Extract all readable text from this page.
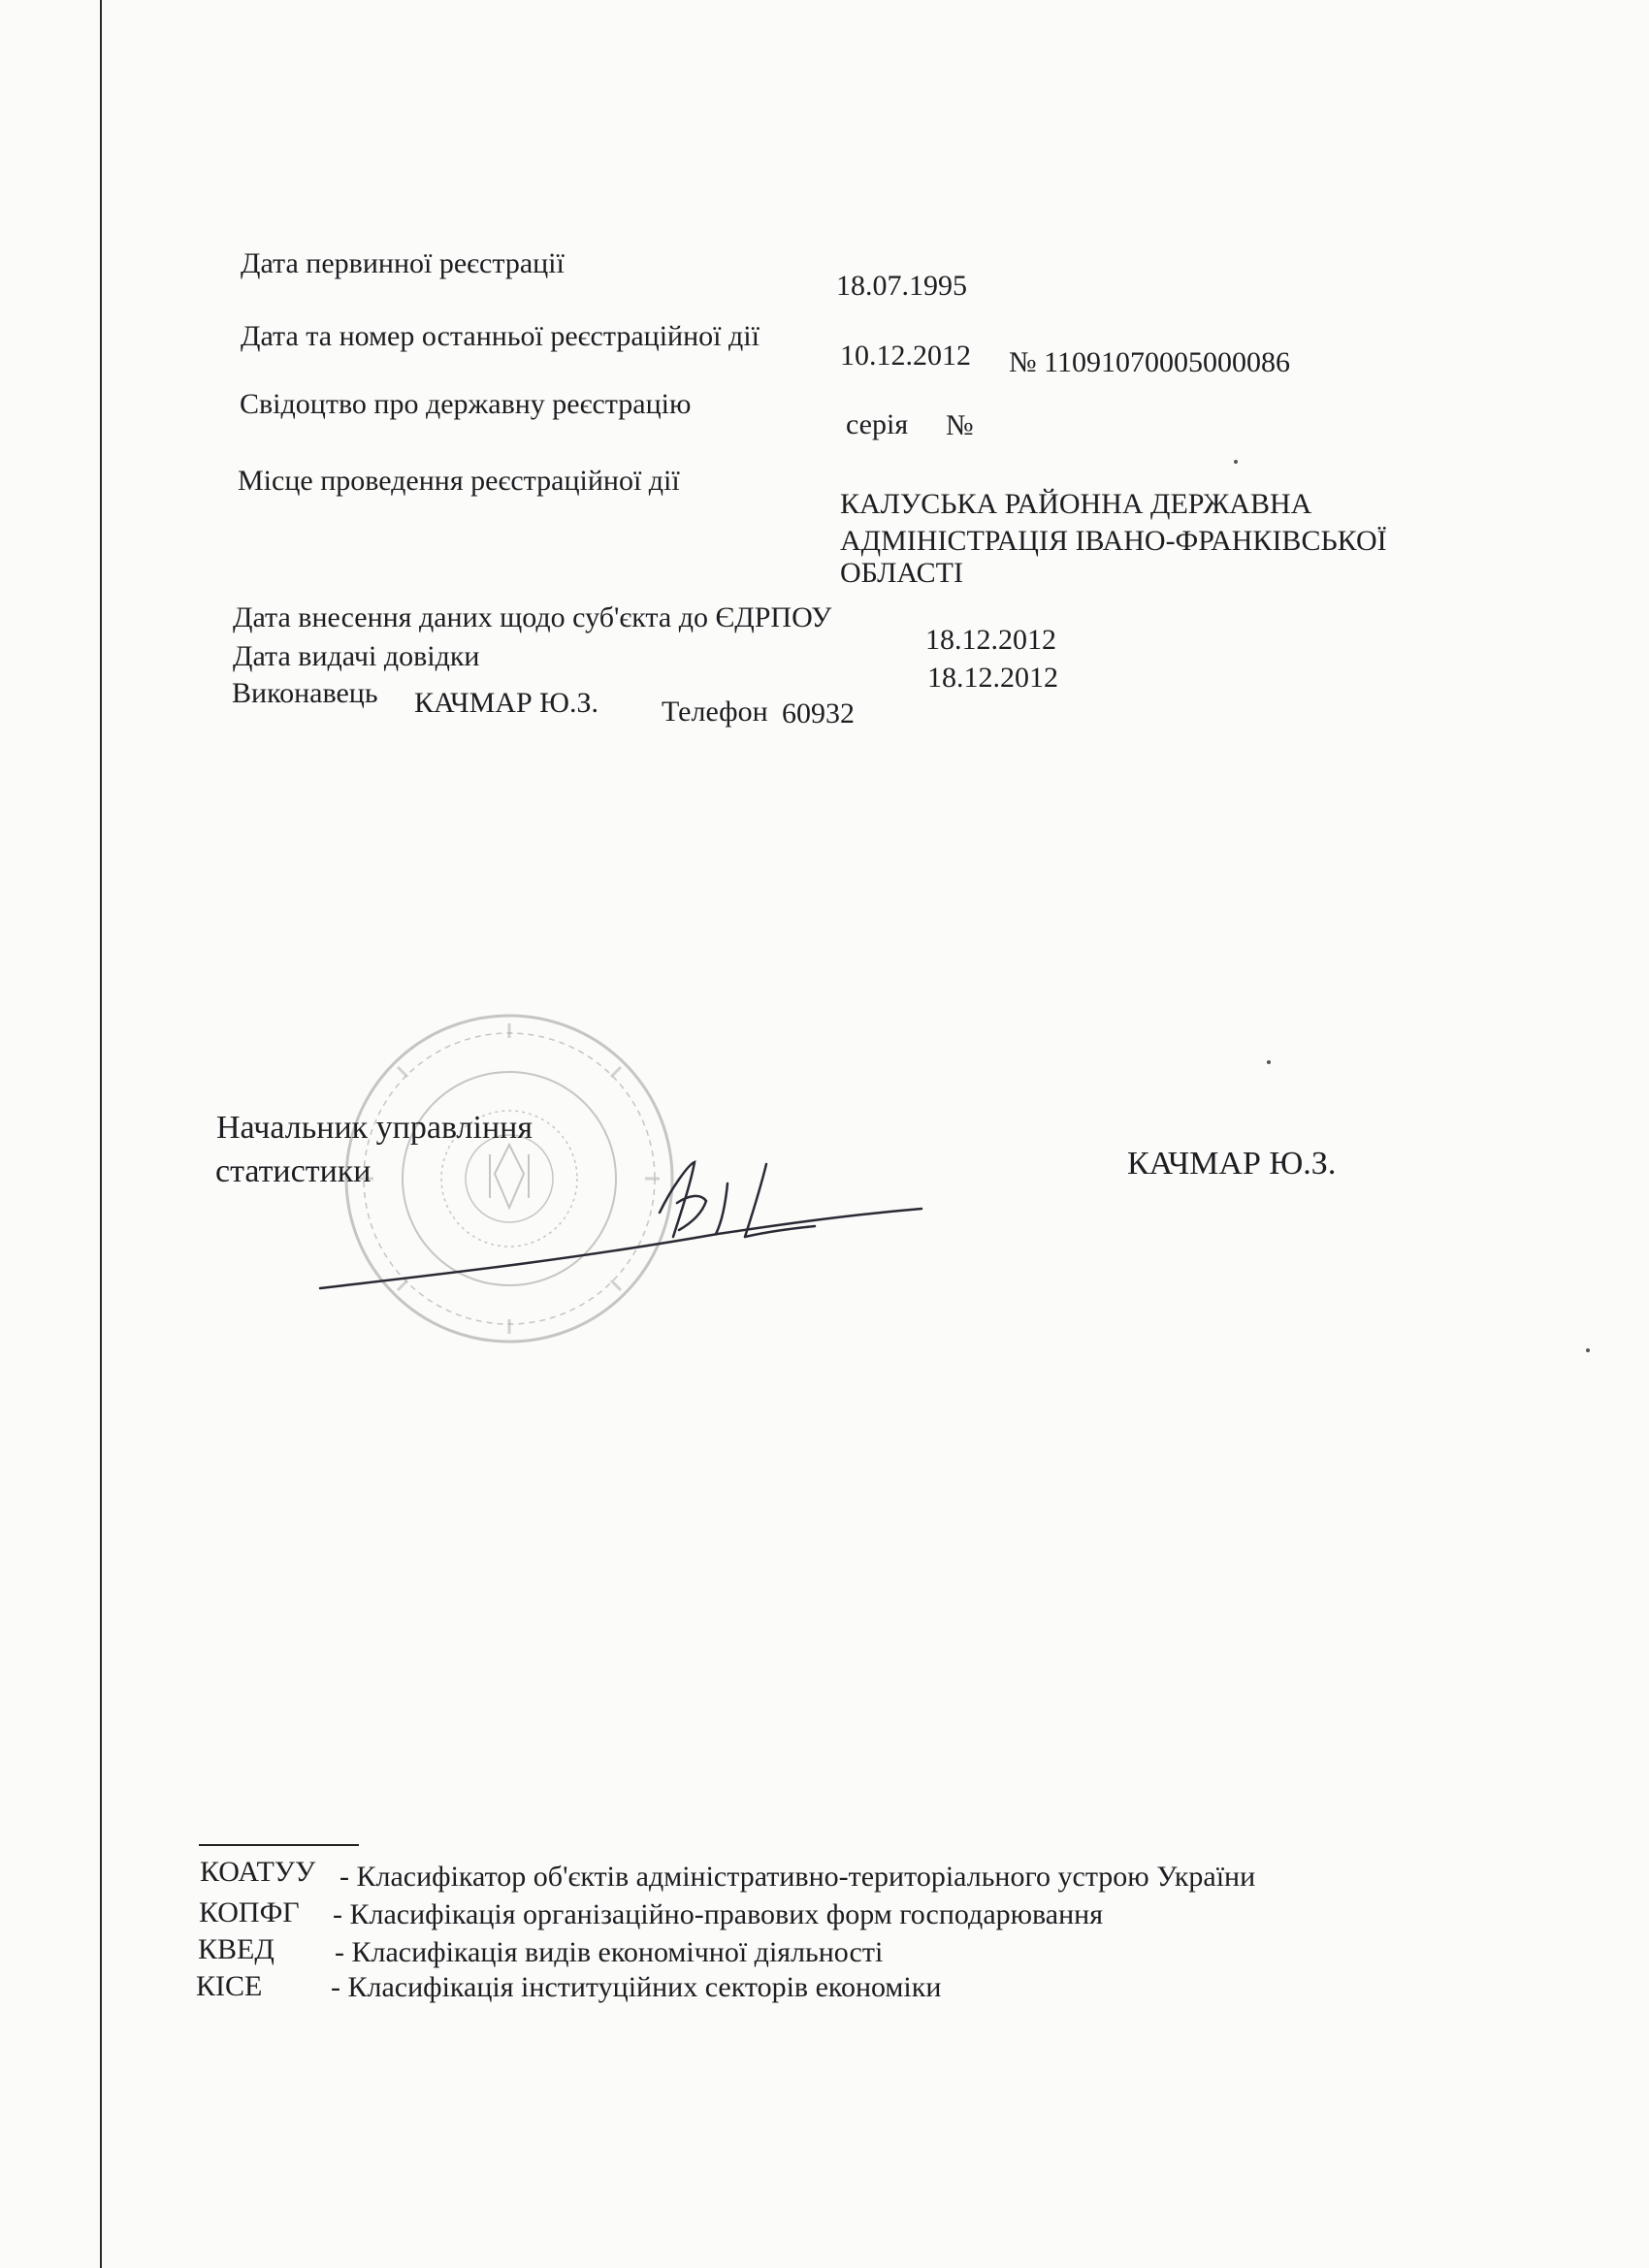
Дата первинної реєстрації
18.07.1995
Дата та номер останньої реєстраційної дії
10.12.2012 № 11091070005000086
Свідоцтво про державну реєстрацію
серія №
Місце проведення реєстраційної дії
КАЛУСЬКА РАЙОННА ДЕРЖАВНА
АДМІНІСТРАЦІЯ ІВАНО-ФРАНКІВСЬКОЇ
ОБЛАСТІ
Дата внесення даних щодо суб'єкта до ЄДРПОУ
18.12.2012
Дата видачі довідки
18.12.2012
Виконавець КАЧМАР Ю.З. Телефон 60932
Начальник управління
статистики	КАЧМАР Ю.З.
КОАТУУ - Класифікатор об'єктів адміністративно-територіального устрою України
КОПФГ - Класифікація організаційно-правових форм господарювання
КВЕД - Класифікація видів економічної діяльності
КІСЕ - Класифікація інституційних секторів економіки
